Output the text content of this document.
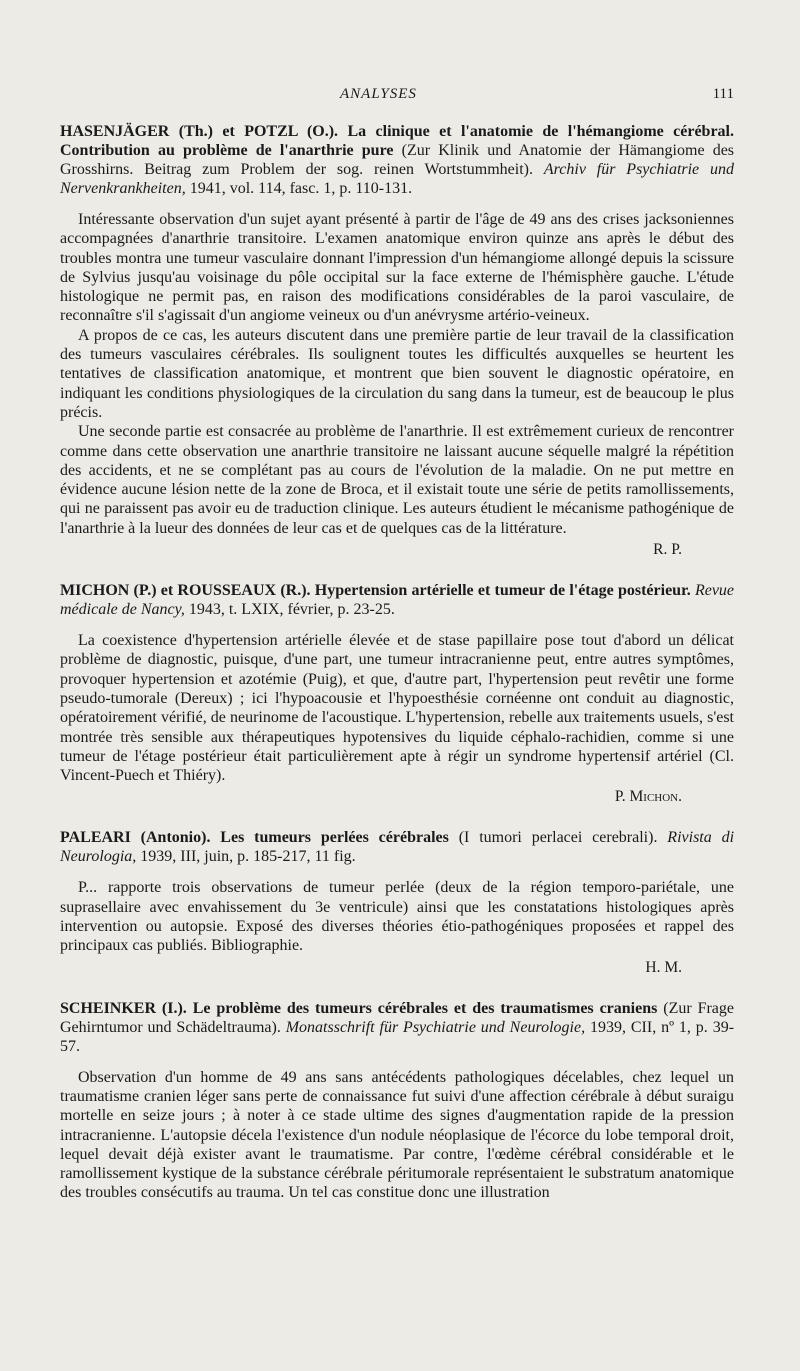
ANALYSES	111
HASENJÄGER (Th.) et POTZL (O.). La clinique et l'anatomie de l'hémangiome cérébral. Contribution au problème de l'anarthrie pure (Zur Klinik und Anatomie der Hämangiome des Grosshirns. Beitrag zum Problem der sog. reinen Wortstummheit). Archiv für Psychiatrie und Nervenkrankheiten, 1941, vol. 114, fasc. 1, p. 110-131.

Intéressante observation d'un sujet ayant présenté à partir de l'âge de 49 ans des crises jacksoniennes accompagnées d'anarthrie transitoire. L'examen anatomique environ quinze ans après le début des troubles montra une tumeur vasculaire donnant l'impression d'un hémangiome allongé depuis la scissure de Sylvius jusqu'au voisinage du pôle occipital sur la face externe de l'hémisphère gauche. L'étude histologique ne permit pas, en raison des modifications considérables de la paroi vasculaire, de reconnaître s'il s'agissait d'un angiome veineux ou d'un anévrysme artério-veineux.

A propos de ce cas, les auteurs discutent dans une première partie de leur travail de la classification des tumeurs vasculaires cérébrales. Ils soulignent toutes les difficultés auxquelles se heurtent les tentatives de classification anatomique, et montrent que bien souvent le diagnostic opératoire, en indiquant les conditions physiologiques de la circulation du sang dans la tumeur, est de beaucoup le plus précis.

Une seconde partie est consacrée au problème de l'anarthrie. Il est extrêmement curieux de rencontrer comme dans cette observation une anarthrie transitoire ne laissant aucune séquelle malgré la répétition des accidents, et ne se complétant pas au cours de l'évolution de la maladie. On ne put mettre en évidence aucune lésion nette de la zone de Broca, et il existait toute une série de petits ramollissements, qui ne paraissent pas avoir eu de traduction clinique. Les auteurs étudient le mécanisme pathogénique de l'anarthrie à la lueur des données de leur cas et de quelques cas de la littérature.

R. P.
MICHON (P.) et ROUSSEAUX (R.). Hypertension artérielle et tumeur de l'étage postérieur. Revue médicale de Nancy, 1943, t. LXIX, février, p. 23-25.

La coexistence d'hypertension artérielle élevée et de stase papillaire pose tout d'abord un délicat problème de diagnostic, puisque, d'une part, une tumeur intracranienne peut, entre autres symptômes, provoquer hypertension et azotémie (Puig), et que, d'autre part, l'hypertension peut revêtir une forme pseudo-tumorale (Dereux) ; ici l'hypoacousie et l'hypoesthésie cornéenne ont conduit au diagnostic, opératoirement vérifié, de neurinome de l'acoustique. L'hypertension, rebelle aux traitements usuels, s'est montrée très sensible aux thérapeutiques hypotensives du liquide céphalo-rachidien, comme si une tumeur de l'étage postérieur était particulièrement apte à régir un syndrome hypertensif artériel (Cl. Vincent-Puech et Thiéry).

P. Michon.
PALEARI (Antonio). Les tumeurs perlées cérébrales (I tumori perlacei cerebrali). Rivista di Neurologia, 1939, III, juin, p. 185-217, 11 fig.

P... rapporte trois observations de tumeur perlée (deux de la région temporo-pariétale, une suprasellaire avec envahissement du 3e ventricule) ainsi que les constatations histologiques après intervention ou autopsie. Exposé des diverses théories étio-pathogéniques proposées et rappel des principaux cas publiés. Bibliographie.

H. M.
SCHEINKER (I.). Le problème des tumeurs cérébrales et des traumatismes craniens (Zur Frage Gehirntumor und Schädeltrauma). Monatsschrift für Psychiatrie und Neurologie, 1939, CII, nº 1, p. 39-57.

Observation d'un homme de 49 ans sans antécédents pathologiques décelables, chez lequel un traumatisme cranien léger sans perte de connaissance fut suivi d'une affection cérébrale à début suraigu mortelle en seize jours ; à noter à ce stade ultime des signes d'augmentation rapide de la pression intracranienne. L'autopsie décela l'existence d'un nodule néoplasique de l'écorce du lobe temporal droit, lequel devait déjà exister avant le traumatisme. Par contre, l'œdème cérébral considérable et le ramollissement kystique de la substance cérébrale péritumorale représentaient le substratum anatomique des troubles consécutifs au trauma. Un tel cas constitue donc une illustration
